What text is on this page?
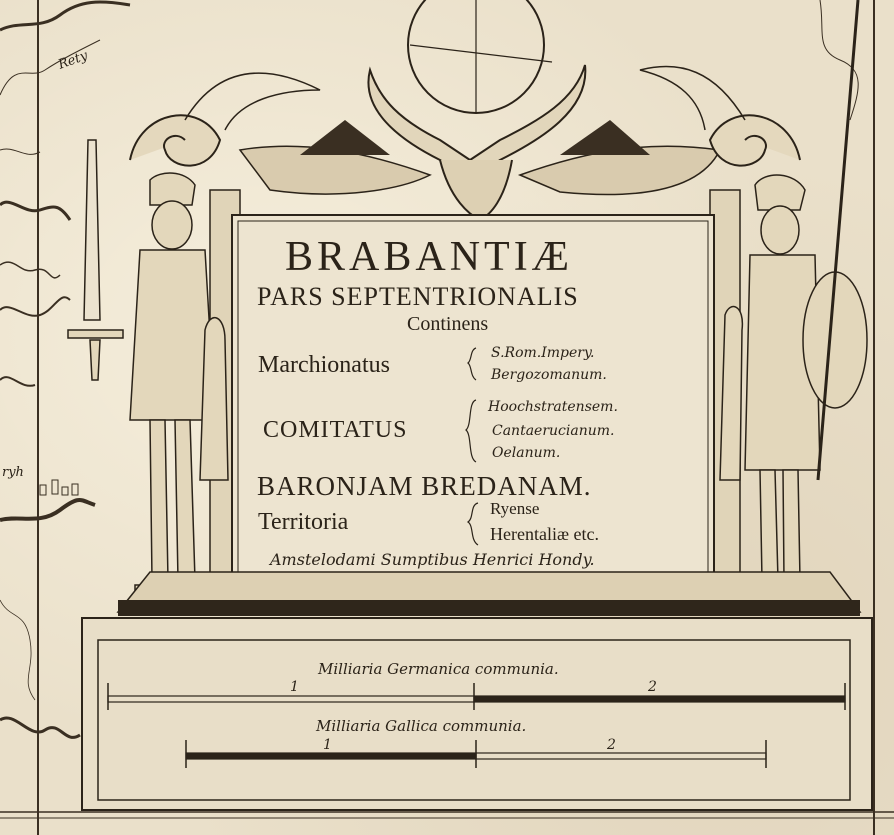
BRABANTIÆ
PARS SEPTENTRIONALIS
Continens
Marchionatus	S.Rom.Impery.
Bergozomanum.
COMITATUS
Hoochstratensem.
Cantaerucianum.
Oelanum.
BARONJAM BREDANAM.
Territoria
Ryense
Herentaliæ etc.
Amstelodami Sumptibus Henrici Hondy.
Milliaria Germanica communia.
1	2
Milliaria Gallica communia.
1	2
Rety
ryh
